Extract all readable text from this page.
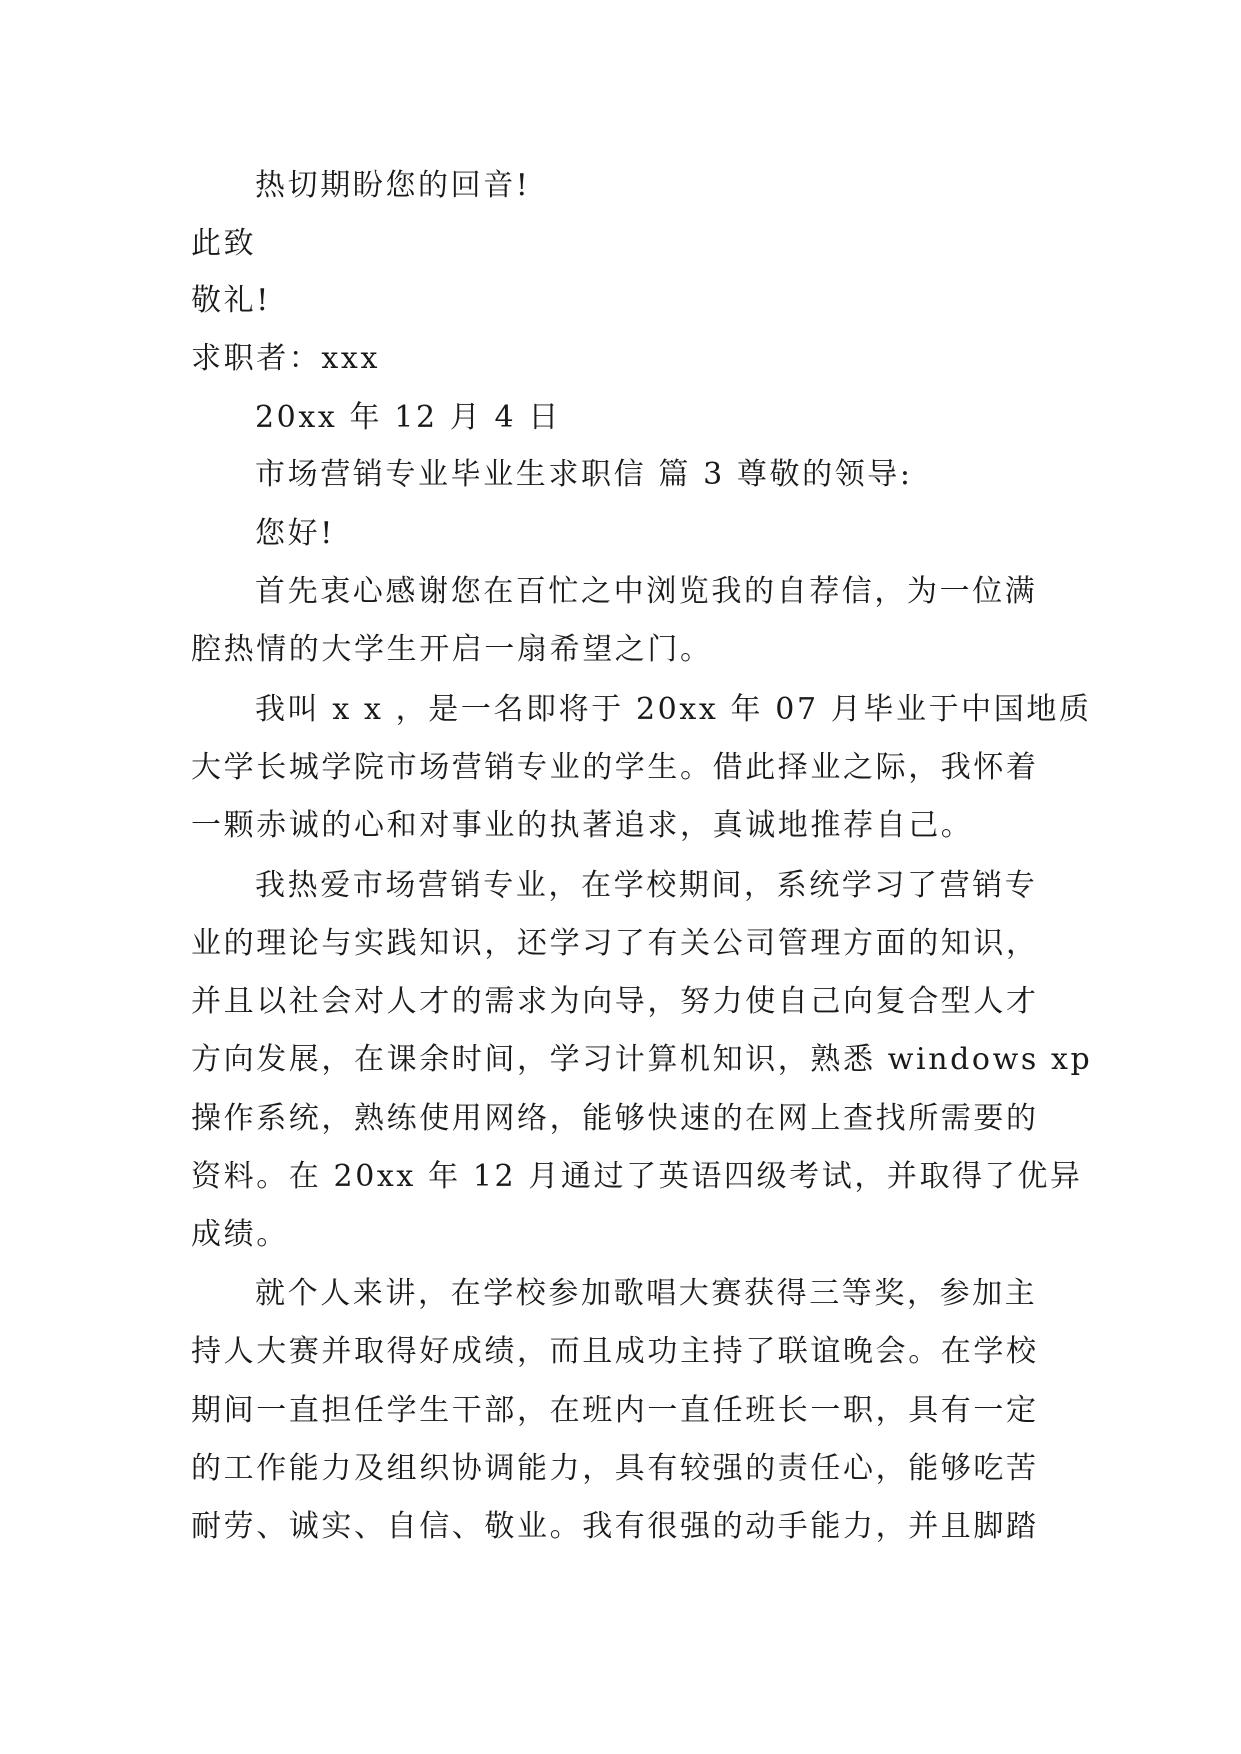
热切期盼您的回音!
此致
敬礼!
求职者：xxx
20xx 年 12 月 4 日
市场营销专业毕业生求职信 篇 3 尊敬的领导:
您好!
首先衷心感谢您在百忙之中浏览我的自荐信，为一位满
腔热情的大学生开启一扇希望之门。
我叫 x x ，是一名即将于 20xx 年 07 月毕业于中国地质
大学长城学院市场营销专业的学生。借此择业之际，我怀着
一颗赤诚的心和对事业的执著追求，真诚地推荐自己。
我热爱市场营销专业，在学校期间，系统学习了营销专
业的理论与实践知识，还学习了有关公司管理方面的知识，
并且以社会对人才的需求为向导，努力使自己向复合型人才
方向发展，在课余时间，学习计算机知识，熟悉 windows xp
操作系统，熟练使用网络，能够快速的在网上查找所需要的
资料。在 20xx 年 12 月通过了英语四级考试，并取得了优异
成绩。
就个人来讲，在学校参加歌唱大赛获得三等奖，参加主
持人大赛并取得好成绩，而且成功主持了联谊晚会。在学校
期间一直担任学生干部，在班内一直任班长一职，具有一定
的工作能力及组织协调能力，具有较强的责任心，能够吃苦
耐劳、诚实、自信、敬业。我有很强的动手能力，并且脚踏
